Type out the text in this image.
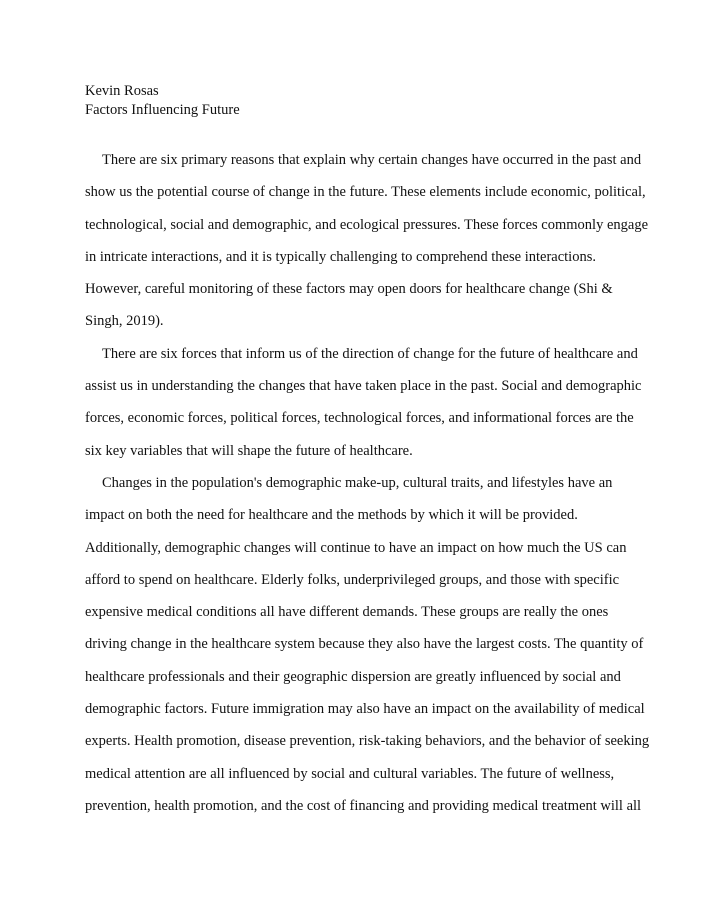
Kevin Rosas
Factors Influencing Future
There are six primary reasons that explain why certain changes have occurred in the past and
show us the potential course of change in the future. These elements include economic, political,
technological, social and demographic, and ecological pressures. These forces commonly engage
in intricate interactions, and it is typically challenging to comprehend these interactions.
However, careful monitoring of these factors may open doors for healthcare change (Shi &
Singh, 2019).
There are six forces that inform us of the direction of change for the future of healthcare and
assist us in understanding the changes that have taken place in the past. Social and demographic
forces, economic forces, political forces, technological forces, and informational forces are the
six key variables that will shape the future of healthcare.
Changes in the population's demographic make-up, cultural traits, and lifestyles have an
impact on both the need for healthcare and the methods by which it will be provided.
Additionally, demographic changes will continue to have an impact on how much the US can
afford to spend on healthcare. Elderly folks, underprivileged groups, and those with specific
expensive medical conditions all have different demands. These groups are really the ones
driving change in the healthcare system because they also have the largest costs. The quantity of
healthcare professionals and their geographic dispersion are greatly influenced by social and
demographic factors. Future immigration may also have an impact on the availability of medical
experts. Health promotion, disease prevention, risk-taking behaviors, and the behavior of seeking
medical attention are all influenced by social and cultural variables. The future of wellness,
prevention, health promotion, and the cost of financing and providing medical treatment will all
